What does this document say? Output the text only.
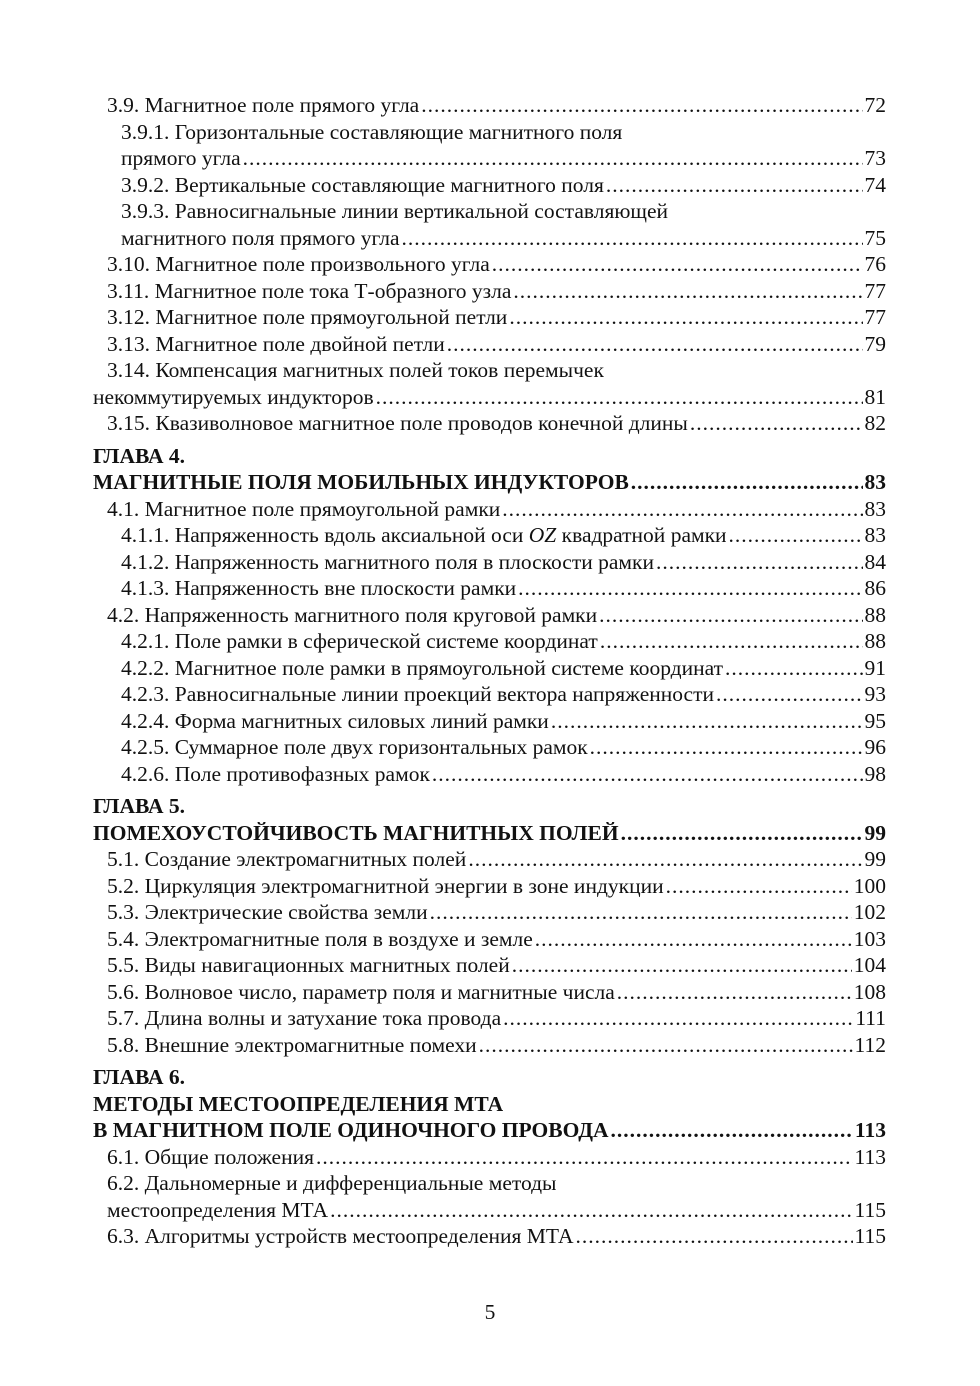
3.9. Магнитное поле прямого угла .....	72
3.9.1. Горизонтальные составляющие магнитного поля
прямого угла .....	73
3.9.2. Вертикальные составляющие магнитного поля .....	74
3.9.3. Равносигнальные линии вертикальной составляющей
магнитного поля прямого угла .....	75
3.10. Магнитное поле произвольного угла .....	76
3.11. Магнитное поле тока Т-образного узла .....	77
3.12. Магнитное поле прямоугольной петли .....	77
3.13. Магнитное поле двойной петли .....	79
3.14. Компенсация магнитных полей токов перемычек
некоммутируемых индукторов .....	81
3.15. Квазиволновое магнитное поле проводов конечной длины .....	82
ГЛАВА 4.
МАГНИТНЫЕ ПОЛЯ МОБИЛЬНЫХ ИНДУКТОРОВ .....	83
4.1. Магнитное поле прямоугольной рамки .....	83
4.1.1. Напряженность вдоль аксиальной оси OZ квадратной рамки .....	83
4.1.2. Напряженность магнитного поля в плоскости рамки .....	84
4.1.3. Напряженность вне плоскости рамки .....	86
4.2. Напряженность магнитного поля круговой рамки .....	88
4.2.1. Поле рамки в сферической системе координат .....	88
4.2.2. Магнитное поле рамки в прямоугольной системе координат .....	91
4.2.3. Равносигнальные линии проекций вектора напряженности .....	93
4.2.4. Форма магнитных силовых линий рамки .....	95
4.2.5. Суммарное поле двух горизонтальных рамок .....	96
4.2.6. Поле противофазных рамок .....	98
ГЛАВА 5.
ПОМЕХОУСТОЙЧИВОСТЬ МАГНИТНЫХ ПОЛЕЙ .....	99
5.1. Создание электромагнитных полей .....	99
5.2. Циркуляция электромагнитной энергии в зоне индукции .....	100
5.3. Электрические свойства земли .....	102
5.4. Электромагнитные поля в воздухе и земле .....	103
5.5. Виды навигационных магнитных полей .....	104
5.6. Волновое число, параметр поля и магнитные числа .....	108
5.7. Длина волны и затухание тока провода .....	111
5.8. Внешние электромагнитные помехи .....	112
ГЛАВА 6.
МЕТОДЫ МЕСТООПРЕДЕЛЕНИЯ МТА
В МАГНИТНОМ ПОЛЕ ОДИНОЧНОГО ПРОВОДА .....	113
6.1. Общие положения .....	113
6.2. Дальномерные и дифференциальные методы
местоопределения МТА .....	115
6.3. Алгоритмы устройств местоопределения МТА .....	115
5
